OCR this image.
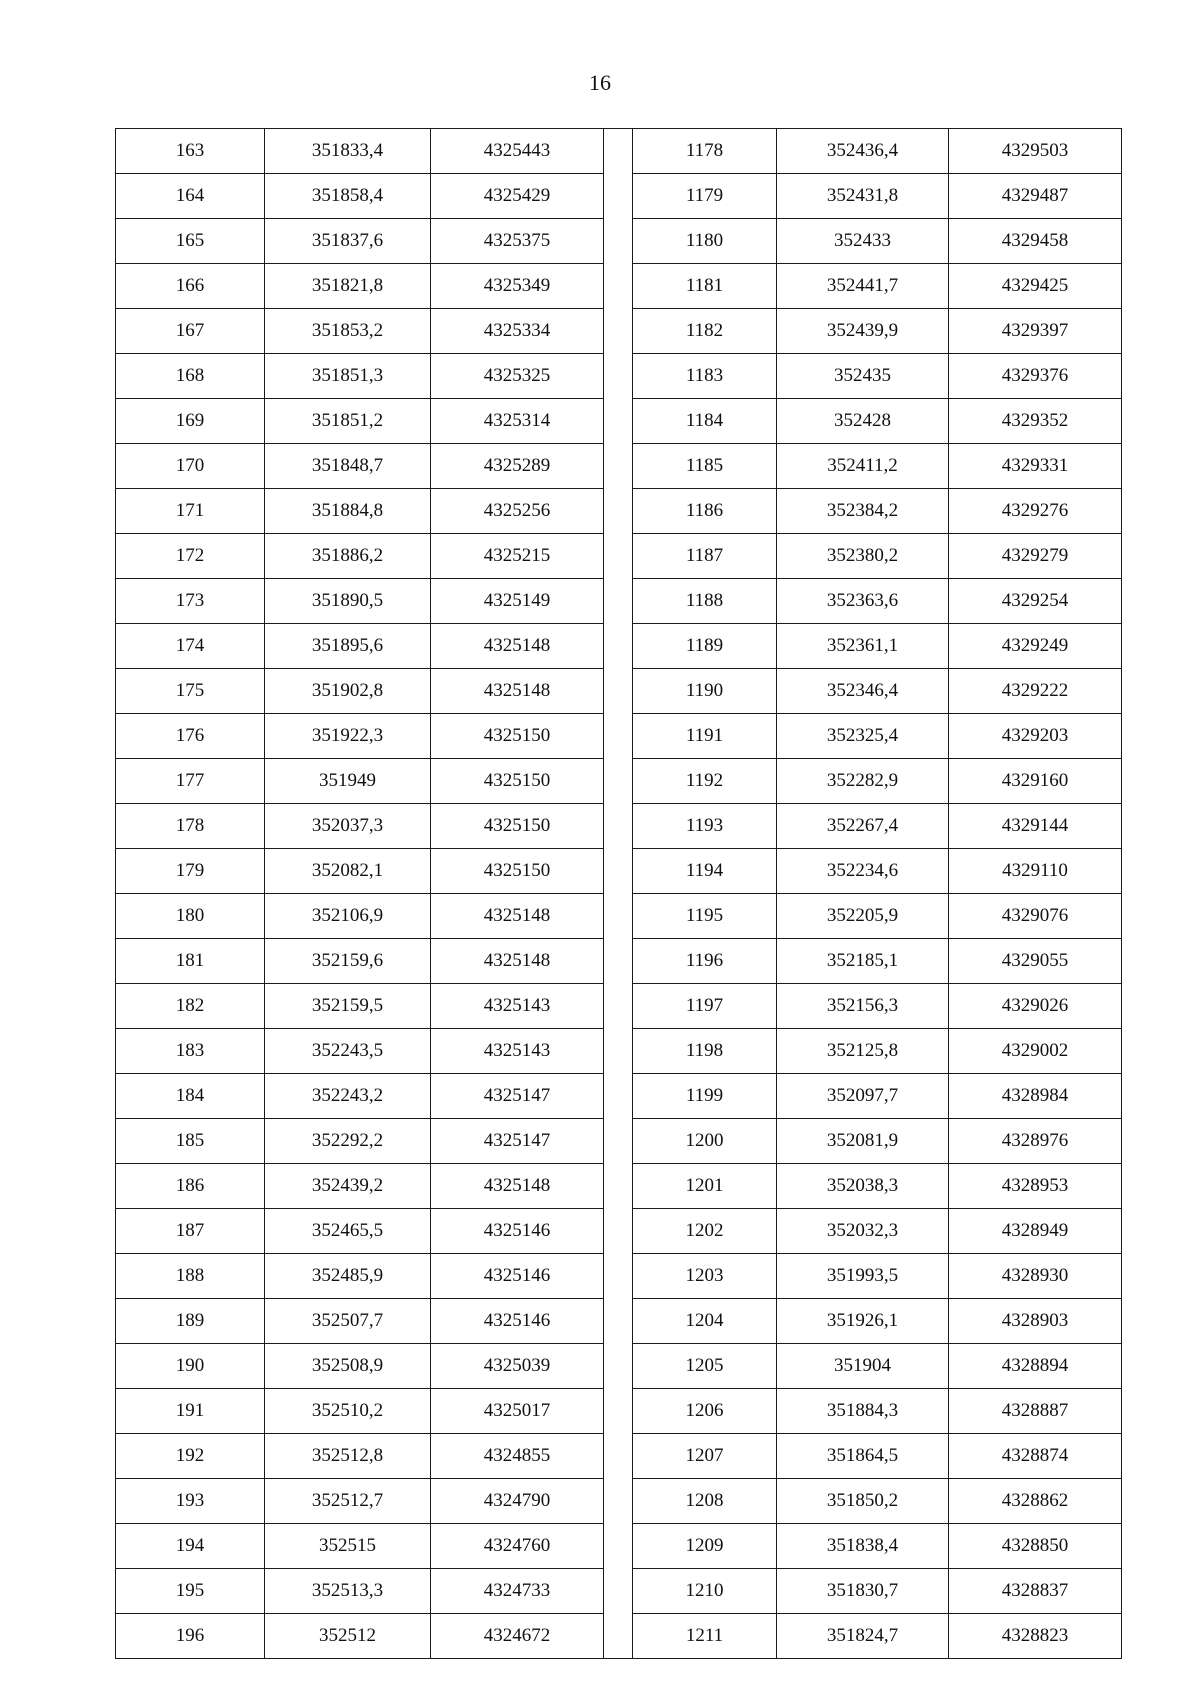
16
163	351833,4	4325443		1178	352436,4	4329503
164	351858,4	4325429		1179	352431,8	4329487
165	351837,6	4325375		1180	352433	4329458
166	351821,8	4325349		1181	352441,7	4329425
167	351853,2	4325334		1182	352439,9	4329397
168	351851,3	4325325		1183	352435	4329376
169	351851,2	4325314		1184	352428	4329352
170	351848,7	4325289		1185	352411,2	4329331
171	351884,8	4325256		1186	352384,2	4329276
172	351886,2	4325215		1187	352380,2	4329279
173	351890,5	4325149		1188	352363,6	4329254
174	351895,6	4325148		1189	352361,1	4329249
175	351902,8	4325148		1190	352346,4	4329222
176	351922,3	4325150		1191	352325,4	4329203
177	351949	4325150		1192	352282,9	4329160
178	352037,3	4325150		1193	352267,4	4329144
179	352082,1	4325150		1194	352234,6	4329110
180	352106,9	4325148		1195	352205,9	4329076
181	352159,6	4325148		1196	352185,1	4329055
182	352159,5	4325143		1197	352156,3	4329026
183	352243,5	4325143		1198	352125,8	4329002
184	352243,2	4325147		1199	352097,7	4328984
185	352292,2	4325147		1200	352081,9	4328976
186	352439,2	4325148		1201	352038,3	4328953
187	352465,5	4325146		1202	352032,3	4328949
188	352485,9	4325146		1203	351993,5	4328930
189	352507,7	4325146		1204	351926,1	4328903
190	352508,9	4325039		1205	351904	4328894
191	352510,2	4325017		1206	351884,3	4328887
192	352512,8	4324855		1207	351864,5	4328874
193	352512,7	4324790		1208	351850,2	4328862
194	352515	4324760		1209	351838,4	4328850
195	352513,3	4324733		1210	351830,7	4328837
196	352512	4324672		1211	351824,7	4328823
